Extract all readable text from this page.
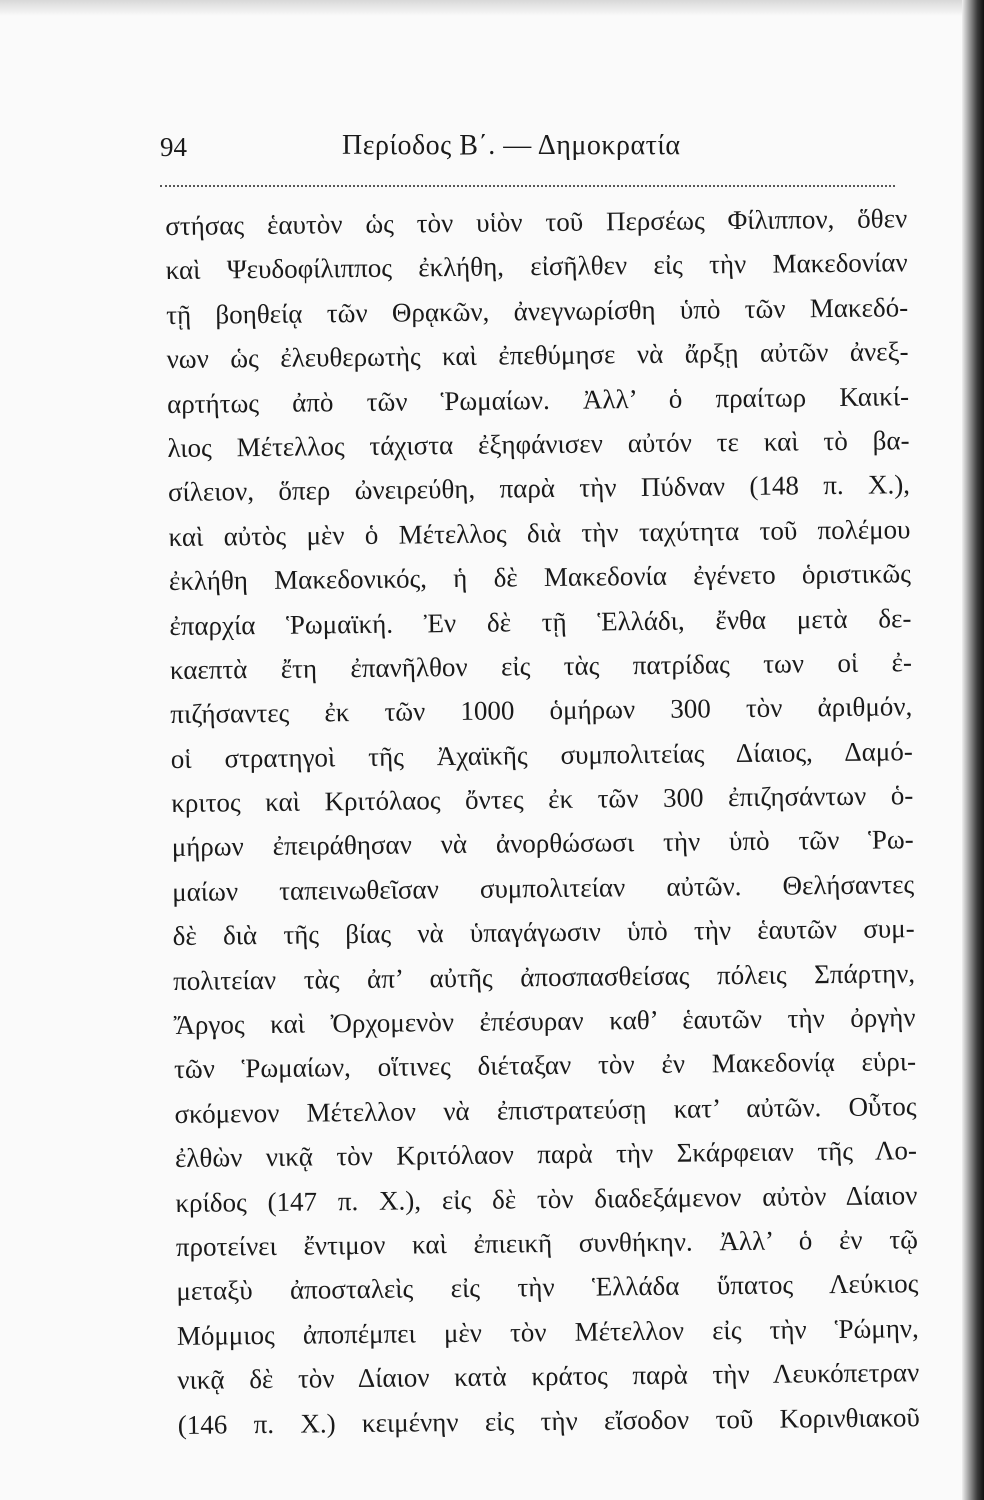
94	Περίοδος Β΄. — Δημοκρατία
στήσας ἑαυτὸν ὡς τὸν υἱὸν τοῦ Περσέως Φίλιππον, ὅθεν
καὶ Ψευδοφίλιππος ἐκλήθη, εἰσῆλθεν εἰς τὴν Μακεδονίαν
τῇ βοηθείᾳ τῶν Θρᾳκῶν, ἀνεγνωρίσθη ὑπὸ τῶν Μακεδό-
νων ὡς ἐλευθερωτὴς καὶ ἐπεθύμησε νὰ ἄρξῃ αὐτῶν ἀνεξ-
αρτήτως ἀπὸ τῶν Ῥωμαίων. Ἀλλ’ ὁ πραίτωρ Καικί-
λιος Μέτελλος τάχιστα ἐξηφάνισεν αὐτόν τε καὶ τὸ βα-
σίλειον, ὅπερ ὠνειρεύθη, παρὰ τὴν Πύδναν (148 π. Χ.),
καὶ αὐτὸς μὲν ὁ Μέτελλος διὰ τὴν ταχύτητα τοῦ πολέμου
ἐκλήθη Μακεδονικός, ἡ δὲ Μακεδονία ἐγένετο ὁριστικῶς
ἐπαρχία Ῥωμαϊκή. Ἐν δὲ τῇ Ἑλλάδι, ἔνθα μετὰ δε-
καεπτὰ ἔτη ἐπανῆλθον εἰς τὰς πατρίδας των οἱ ἐ-
πιζήσαντες ἐκ τῶν 1000 ὁμήρων 300 τὸν ἀριθμόν,
οἱ στρατηγοὶ τῆς Ἀχαϊκῆς συμπολιτείας Δίαιος, Δαμό-
κριτος καὶ Κριτόλαος ὄντες ἐκ τῶν 300 ἐπιζησάντων ὁ-
μήρων ἐπειράθησαν νὰ ἀνορθώσωσι τὴν ὑπὸ τῶν Ῥω-
μαίων ταπεινωθεῖσαν συμπολιτείαν αὐτῶν. Θελήσαντες
δὲ διὰ τῆς βίας νὰ ὑπαγάγωσιν ὑπὸ τὴν ἑαυτῶν συμ-
πολιτείαν τὰς ἀπ’ αὐτῆς ἀποσπασθείσας πόλεις Σπάρτην,
Ἄργος καὶ Ὀρχομενὸν ἐπέσυραν καθ’ ἑαυτῶν τὴν ὀργὴν
τῶν Ῥωμαίων, οἵτινες διέταξαν τὸν ἐν Μακεδονίᾳ εὑρι-
σκόμενον Μέτελλον νὰ ἐπιστρατεύσῃ κατ’ αὐτῶν. Οὗτος
ἐλθὼν νικᾷ τὸν Κριτόλαον παρὰ τὴν Σκάρφειαν τῆς Λο-
κρίδος (147 π. Χ.), εἰς δὲ τὸν διαδεξάμενον αὐτὸν Δίαιον
προτείνει ἔντιμον καὶ ἐπιεικῆ συνθήκην. Ἀλλ’ ὁ ἐν τῷ
μεταξὺ ἀποσταλεὶς εἰς τὴν Ἑλλάδα ὕπατος Λεύκιος
Μόμμιος ἀποπέμπει μὲν τὸν Μέτελλον εἰς τὴν Ῥώμην,
νικᾷ δὲ τὸν Δίαιον κατὰ κράτος παρὰ τὴν Λευκόπετραν
(146 π. Χ.) κειμένην εἰς τὴν εἴσοδον τοῦ Κορινθιακοῦ
